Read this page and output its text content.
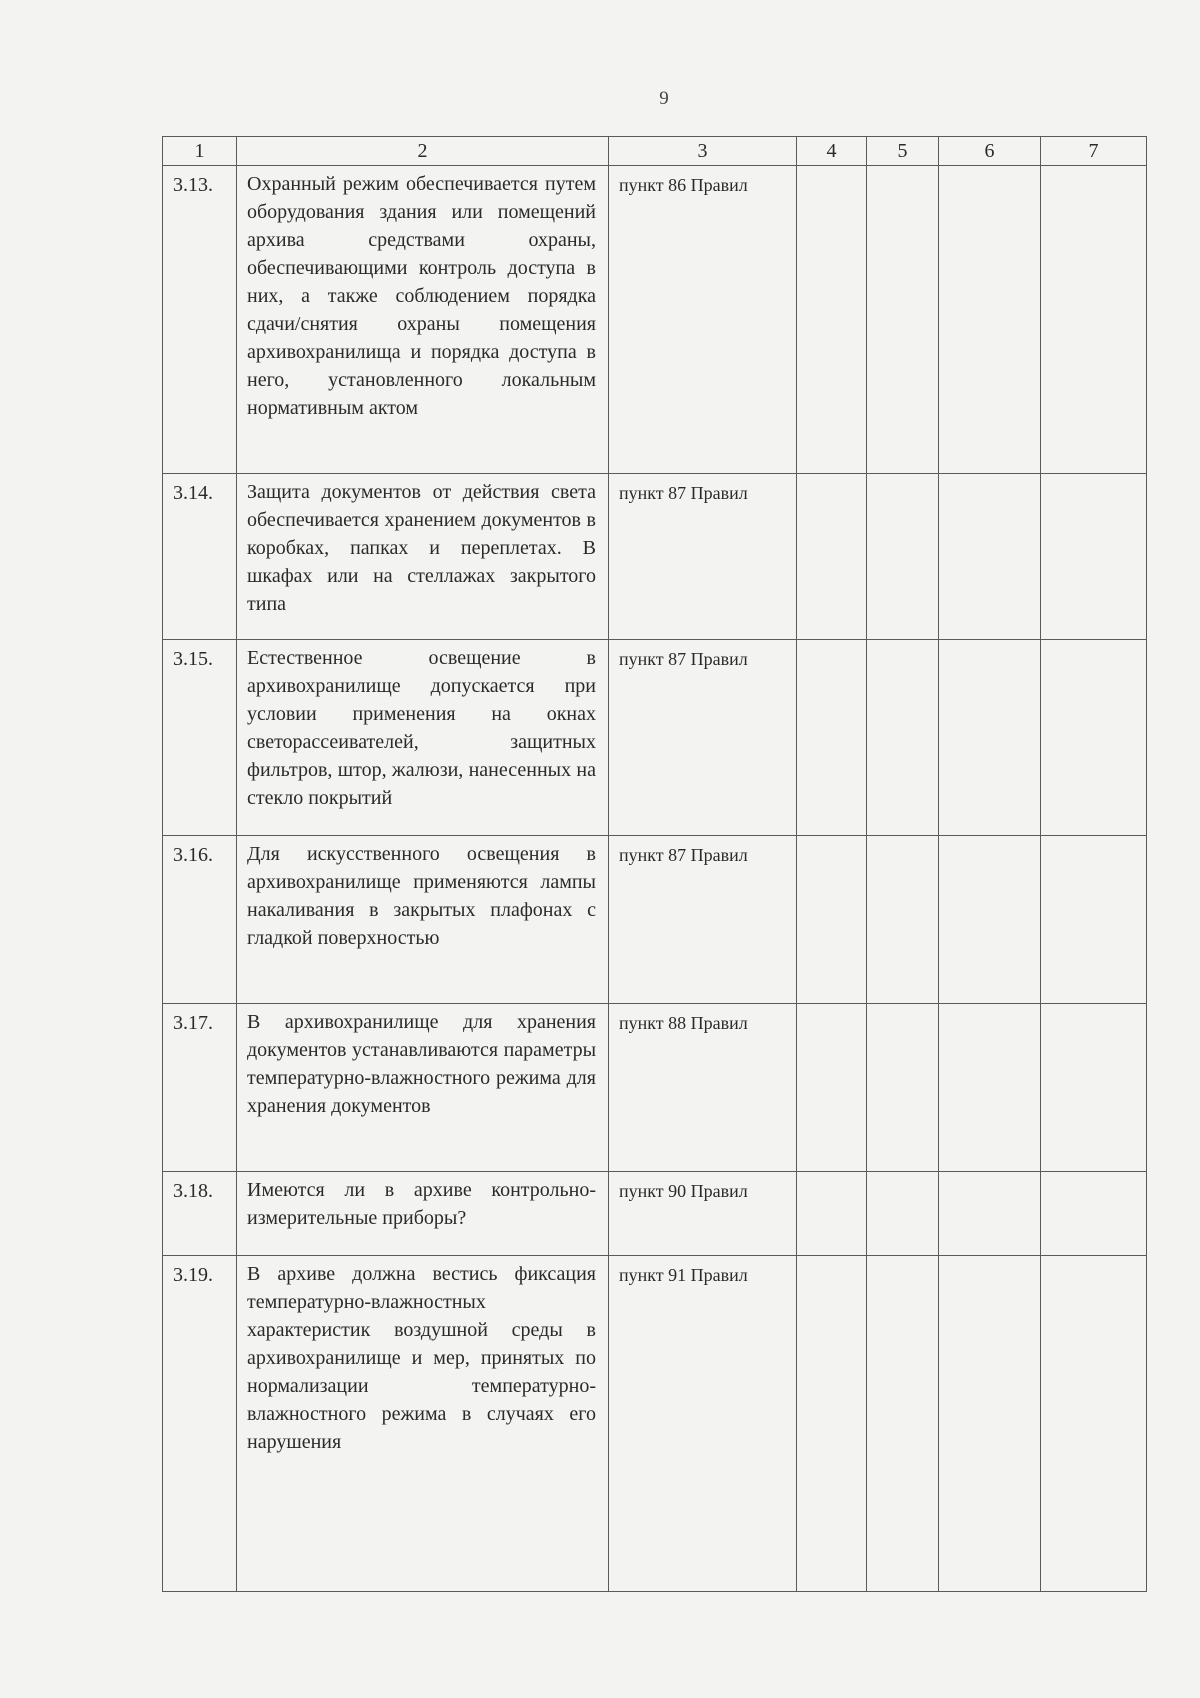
9
1	2	3	4	5	6	7
3.13.	Охранный режим обеспечивается путем оборудования здания или помещений архива средствами охраны, обеспечивающими контроль доступа в них, а также соблюдением порядка сдачи/снятия охраны помещения архивохранилища и порядка доступа в него, установленного локальным нормативным актом	пункт 86 Правил				
3.14.	Защита документов от действия света обеспечивается хранением документов в коробках, папках и переплетах. В шкафах или на стеллажах закрытого типа	пункт 87 Правил				
3.15.	Естественное освещение в архивохранилище допускается при условии применения на окнах светорассеивателей, защитных фильтров, штор, жалюзи, нанесенных на стекло покрытий	пункт 87 Правил				
3.16.	Для искусственного освещения в архивохранилище применяются лампы накаливания в закрытых плафонах с гладкой поверхностью	пункт 87 Правил				
3.17.	В архивохранилище для хранения документов устанавливаются параметры температурно-влажностного режима для хранения документов	пункт 88 Правил				
3.18.	Имеются ли в архиве контрольно-измерительные приборы?	пункт 90 Правил				
3.19.	В архиве должна вестись фиксация температурно-влажностных характеристик воздушной среды в архивохранилище и мер, принятых по нормализации температурно-влажностного режима в случаях его нарушения	пункт 91 Правил				
